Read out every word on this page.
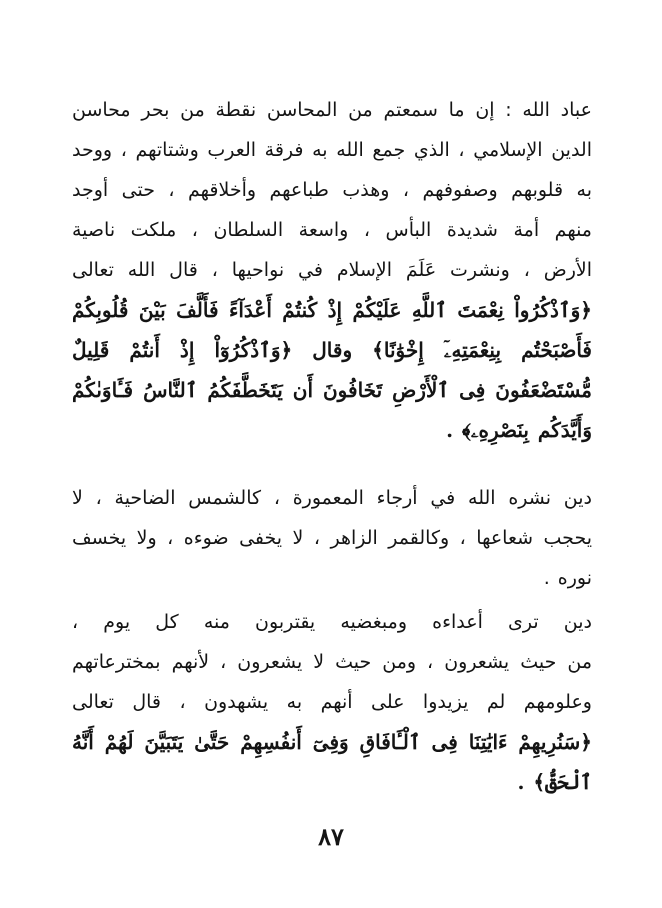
عباد الله : إن ما سمعتم من المحاسن نقطة من بحر محاسن
الدين الإسلامي ، الذي جمع الله به فرقة العرب وشتاتهم ، ووحد
به قلوبهم وصفوفهم ، وهذب طباعهم وأخلاقهم ، حتى أوجد
منهم أمة شديدة البأس ، واسعة السلطان ، ملكت ناصية
الأرض ، ونشرت عَلَمَ الإسلام في نواحيها ، قال الله تعالى
﴿وَٱذْكُرُواْ نِعْمَتَ ٱللَّهِ عَلَيْكُمْ إِذْ كُنتُمْ أَعْدَآءً فَأَلَّفَ بَيْنَ قُلُوبِكُمْ
فَأَصْبَحْتُم بِنِعْمَتِهِۦٓ إِخْوَٰنًا﴾ وقال ﴿وَٱذْكُرُوٓاْ إِذْ أَنتُمْ قَلِيلٌ
مُّسْتَضْعَفُونَ فِى ٱلْأَرْضِ تَخَافُونَ أَن يَتَخَطَّفَكُمُ ٱلنَّاسُ فَـَٔاوَىٰكُمْ
وَأَيَّدَكُم بِنَصْرِهِۦ﴾ .
دين نشره الله في أرجاء المعمورة ، كالشمس الضاحية ، لا
يحجب شعاعها ، وكالقمر الزاهر ، لا يخفى ضوءه ، ولا يخسف
نوره .
دين ترى أعداءه ومبغضيه يقتربون منه كل يوم ،
من حيث يشعرون ، ومن حيث لا يشعرون ، لأنهم بمخترعاتهم
وعلومهم لم يزيدوا على أنهم به يشهدون ، قال تعالى
﴿سَنُرِيهِمْ ءَايَٰتِنَا فِى ٱلْـَٔافَاقِ وَفِىٓ أَنفُسِهِمْ حَتَّىٰ يَتَبَيَّنَ لَهُمْ أَنَّهُ
ٱلْحَقُّ﴾ .
٨٧
